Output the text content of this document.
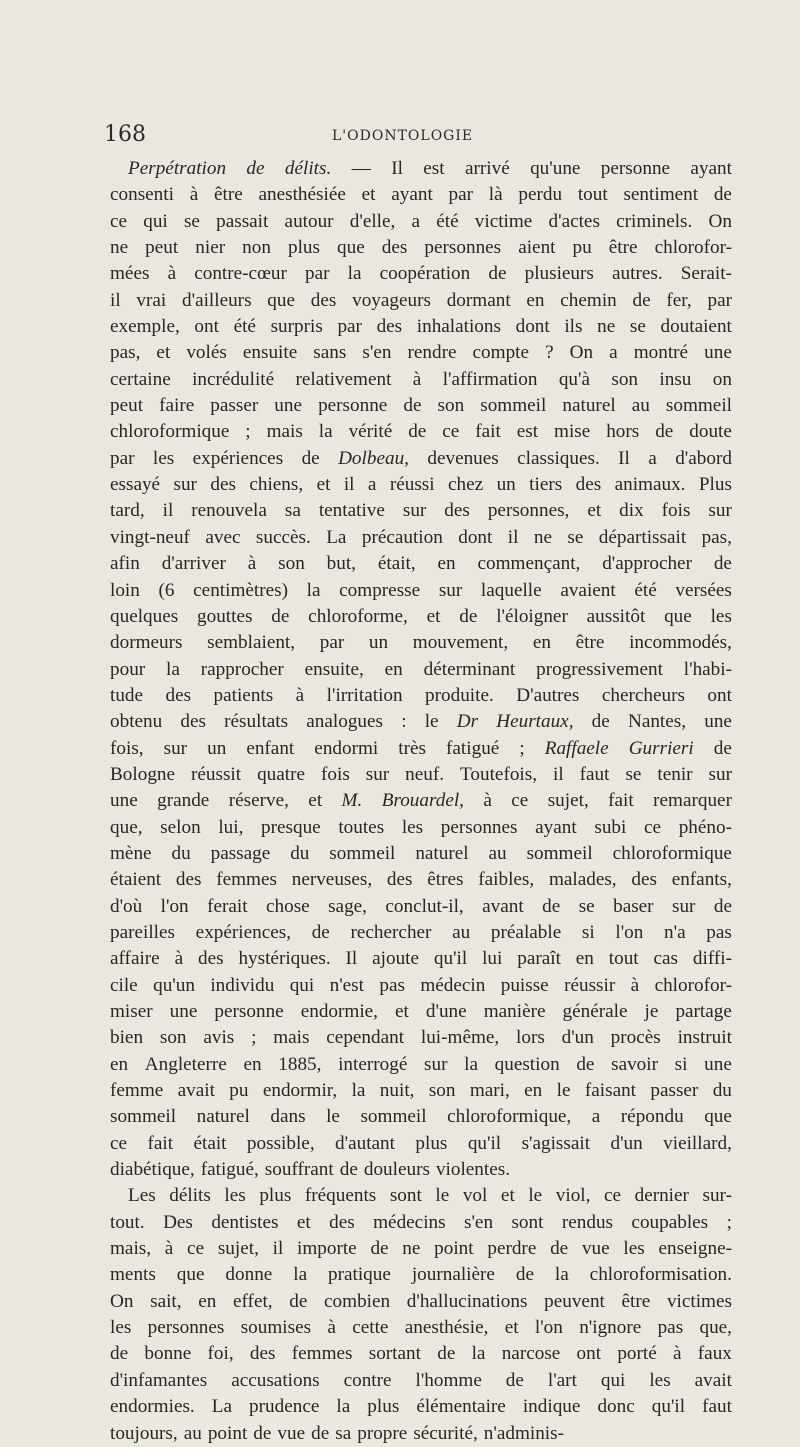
168	L'ODONTOLOGIE
Perpétration de délits. — Il est arrivé qu'une personne ayant
consenti à être anesthésiée et ayant par là perdu tout sentiment de
ce qui se passait autour d'elle, a été victime d'actes criminels. On
ne peut nier non plus que des personnes aient pu être chlorofor-
mées à contre-cœur par la coopération de plusieurs autres. Serait-
il vrai d'ailleurs que des voyageurs dormant en chemin de fer, par
exemple, ont été surpris par des inhalations dont ils ne se doutaient
pas, et volés ensuite sans s'en rendre compte ? On a montré une
certaine incrédulité relativement à l'affirmation qu'à son insu on
peut faire passer une personne de son sommeil naturel au sommeil
chloroformique ; mais la vérité de ce fait est mise hors de doute
par les expériences de Dolbeau, devenues classiques. Il a d'abord
essayé sur des chiens, et il a réussi chez un tiers des animaux. Plus
tard, il renouvela sa tentative sur des personnes, et dix fois sur
vingt-neuf avec succès. La précaution dont il ne se départissait pas,
afin d'arriver à son but, était, en commençant, d'approcher de
loin (6 centimètres) la compresse sur laquelle avaient été versées
quelques gouttes de chloroforme, et de l'éloigner aussitôt que les
dormeurs semblaient, par un mouvement, en être incommodés,
pour la rapprocher ensuite, en déterminant progressivement l'habi-
tude des patients à l'irritation produite. D'autres chercheurs ont
obtenu des résultats analogues : le Dr Heurtaux, de Nantes, une
fois, sur un enfant endormi très fatigué ; Raffaele Gurrieri de
Bologne réussit quatre fois sur neuf. Toutefois, il faut se tenir sur
une grande réserve, et M. Brouardel, à ce sujet, fait remarquer
que, selon lui, presque toutes les personnes ayant subi ce phéno-
mène du passage du sommeil naturel au sommeil chloroformique
étaient des femmes nerveuses, des êtres faibles, malades, des enfants,
d'où l'on ferait chose sage, conclut-il, avant de se baser sur de
pareilles expériences, de rechercher au préalable si l'on n'a pas
affaire à des hystériques. Il ajoute qu'il lui paraît en tout cas diffi-
cile qu'un individu qui n'est pas médecin puisse réussir à chlorofor-
miser une personne endormie, et d'une manière générale je partage
bien son avis ; mais cependant lui-même, lors d'un procès instruit
en Angleterre en 1885, interrogé sur la question de savoir si une
femme avait pu endormir, la nuit, son mari, en le faisant passer du
sommeil naturel dans le sommeil chloroformique, a répondu que
ce fait était possible, d'autant plus qu'il s'agissait d'un vieillard,
diabétique, fatigué, souffrant de douleurs violentes.
Les délits les plus fréquents sont le vol et le viol, ce dernier sur-
tout. Des dentistes et des médecins s'en sont rendus coupables ;
mais, à ce sujet, il importe de ne point perdre de vue les enseigne-
ments que donne la pratique journalière de la chloroformisation.
On sait, en effet, de combien d'hallucinations peuvent être victimes
les personnes soumises à cette anesthésie, et l'on n'ignore pas que,
de bonne foi, des femmes sortant de la narcose ont porté à faux
d'infamantes accusations contre l'homme de l'art qui les avait
endormies. La prudence la plus élémentaire indique donc qu'il faut
toujours, au point de vue de sa propre sécurité, n'adminis-
